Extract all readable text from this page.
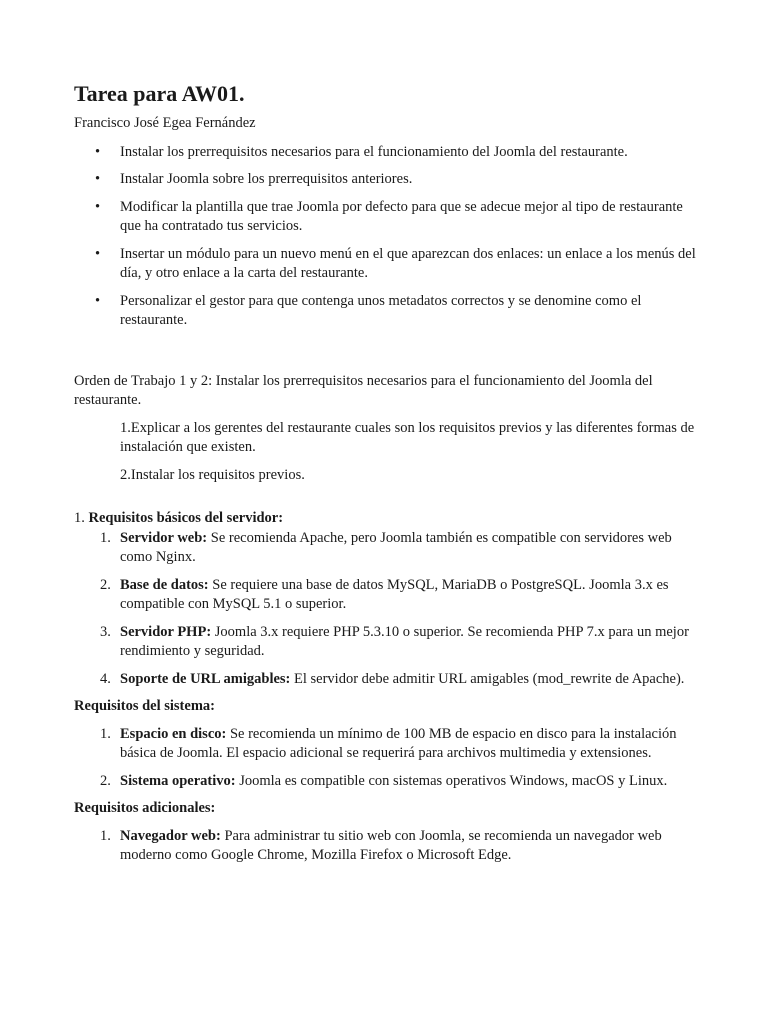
Tarea para AW01.

Francisco José Egea Fernández

• Instalar los prerrequisitos necesarios para el funcionamiento del Joomla del restaurante.
• Instalar Joomla sobre los prerrequisitos anteriores.
• Modificar la plantilla que trae Joomla por defecto para que se adecue mejor al tipo de restaurante que ha contratado tus servicios.
• Insertar un módulo para un nuevo menú en el que aparezcan dos enlaces: un enlace a los menús del día, y otro enlace a la carta del restaurante.
• Personalizar el gestor para que contenga unos metadatos correctos y se denomine como el restaurante.

Orden de Trabajo 1 y 2: Instalar los prerrequisitos necesarios para el funcionamiento del Joomla del restaurante.

1.Explicar a los gerentes del restaurante cuales son los requisitos previos y las diferentes formas de instalación que existen.

2.Instalar los requisitos previos.

1. Requisitos básicos del servidor:

1. Servidor web: Se recomienda Apache, pero Joomla también es compatible con servidores web como Nginx.
2. Base de datos: Se requiere una base de datos MySQL, MariaDB o PostgreSQL. Joomla 3.x es compatible con MySQL 5.1 o superior.
3. Servidor PHP: Joomla 3.x requiere PHP 5.3.10 o superior. Se recomienda PHP 7.x para un mejor rendimiento y seguridad.
4. Soporte de URL amigables: El servidor debe admitir URL amigables (mod_rewrite de Apache).

Requisitos del sistema:

1. Espacio en disco: Se recomienda un mínimo de 100 MB de espacio en disco para la instalación básica de Joomla. El espacio adicional se requerirá para archivos multimedia y extensiones.
2. Sistema operativo: Joomla es compatible con sistemas operativos Windows, macOS y Linux.

Requisitos adicionales:

1. Navegador web: Para administrar tu sitio web con Joomla, se recomienda un navegador web moderno como Google Chrome, Mozilla Firefox o Microsoft Edge.
